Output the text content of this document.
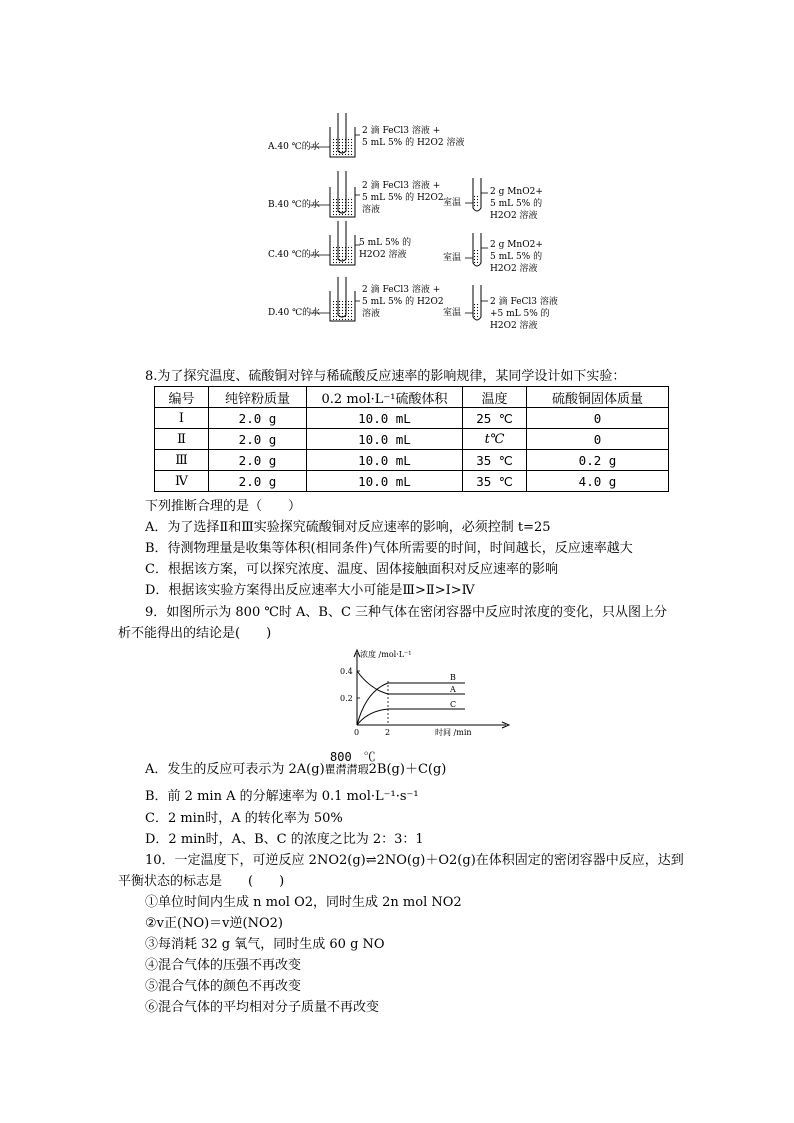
A.40 ℃的水
2 滴 FeCl3 溶液 +
5 mL 5% 的 H2O2 溶液
B.40 ℃的水
2 滴 FeCl3 溶液 +
5 mL 5% 的 H2O2
溶液
室温
2 g MnO2+
5 mL 5% 的
H2O2 溶液
C.40 ℃的水
5 mL 5% 的
H2O2 溶液	室温
2 g MnO2+
5 mL 5% 的
H2O2 溶液
D.40 ℃的水
2 滴 FeCl3 溶液 +
5 mL 5% 的 H2O2
溶液	室温
2 滴 FeCl3 溶液
+5 mL 5% 的
H2O2 溶液
8.为了探究温度、硫酸铜对锌与稀硫酸反应速率的影响规律，某同学设计如下实验：
编号	纯锌粉质量	0.2 mol·L⁻¹硫酸体积	温度	硫酸铜固体质量
Ⅰ	2.0 g	10.0 mL	25 ℃	0
Ⅱ	2.0 g	10.0 mL	t℃	0
Ⅲ	2.0 g	10.0 mL	35 ℃	0.2 g
Ⅳ	2.0 g	10.0 mL	35 ℃	4.0 g
下列推断合理的是（　　）
A．为了选择Ⅱ和Ⅲ实验探究硫酸铜对反应速率的影响，必须控制 t=25
B．待测物理量是收集等体积(相同条件)气体所需要的时间，时间越长，反应速率越大
C．根据该方案，可以探究浓度、温度、固体接触面积对反应速率的影响
D．根据该实验方案得出反应速率大小可能是Ⅲ>Ⅱ>Ⅰ>Ⅳ
9．如图所示为 800 ℃时 A、B、C 三种气体在密闭容器中反应时浓度的变化，只从图上分
析不能得出的结论是(　　)
浓度 /mol·L⁻¹
时间 /min
0.4
0.2
0	2
B
A
C
800　℃
A．发生的反应可表示为 2A(g)瞿潸潸瑕2B(g)＋C(g)
B．前 2 min A 的分解速率为 0.1 mol·L⁻¹·s⁻¹
C．2 min时，A 的转化率为 50%
D．2 min时，A、B、C 的浓度之比为 2：3：1
10．一定温度下，可逆反应 2NO2(g)⇌2NO(g)＋O2(g)在体积固定的密闭容器中反应，达到
平衡状态的标志是　　(　　)
①单位时间内生成 n mol O2，同时生成 2n mol NO2
②v正(NO)＝v逆(NO2)
③每消耗 32 g 氧气，同时生成 60 g NO
④混合气体的压强不再改变
⑤混合气体的颜色不再改变
⑥混合气体的平均相对分子质量不再改变
